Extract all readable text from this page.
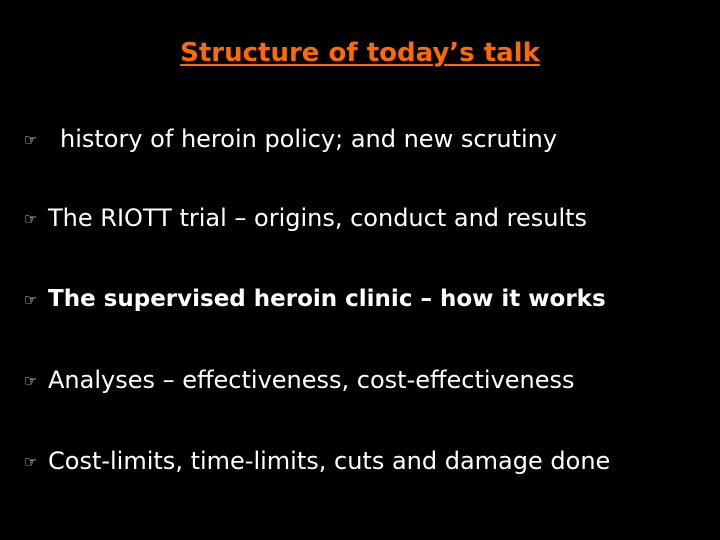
Structure of today’s talk
☞ history of heroin policy; and new scrutiny
☞ The RIOTT trial – origins, conduct and results
☞ The supervised heroin clinic – how it works
☞ Analyses – effectiveness, cost-effectiveness
☞ Cost-limits, time-limits, cuts and damage done
